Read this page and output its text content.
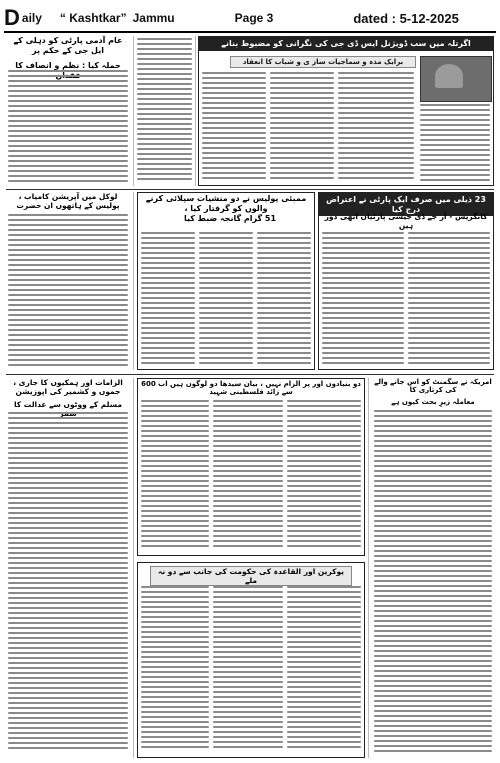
D aily “ Kashtkar” Jammu	Page 3	dated : 5-12-2025
عام آدمی پارٹی کو دہلی کے ایل جی کے حکم پر
حملہ کیا : نظم و انصاف کا
اگرتلہ میں سب ڈویژنل ایس ڈی جی کی نگرانی کو مضبوط بنانے
برایک مذہ و سماجیات ساز ی و شباب کا انعقاد
لوکل میں آپریشن کامیاب ، پولیس کے ہاتھوں ان حضرت
ممبئی پولیس نے دو منشیات سپلائی کرنے والوں کو گرفتار کیا ،
51 گرام گانجہ ضبط کیا
23 ذیلی میں صرف ایک پارٹی نے اعتراض درج کیا
کانگریس - آر جے ڈی جیسی پارٹیاں ابھی دور ہیں
الزامات اور ہمکیوں کا جاری ، جموں و کشمیر کی اپوزیشن
مسلم کے ووٹوں سے عدالت کا
دو بنیادوں اور پر الزام نہیں ، بیان سیدھا دو لوگوں ہیں اب 600 سے زائد فلسطینی شہید
یوکرین اور القاعدہ کی حکومت کی جانب سے دو نہ ملے
امریکہ نے سگمنٹ کو اس جانے والے کی کرتاری کا
معاملہ زیرِ بحث کیوں ہے
